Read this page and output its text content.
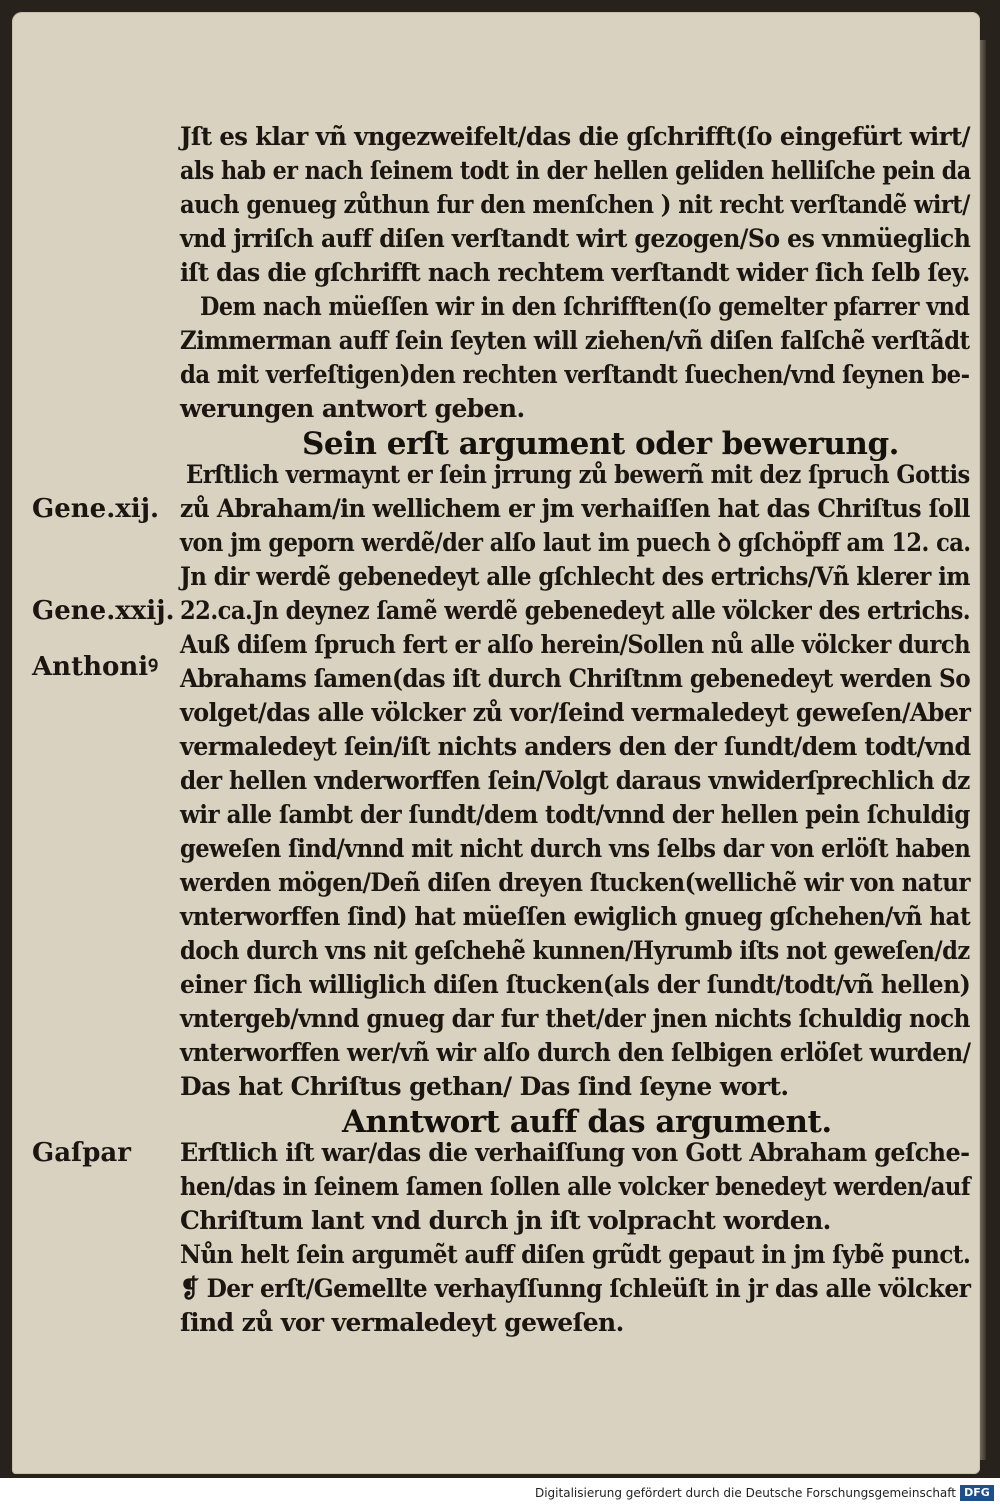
Jſt es klar vñ vngezweifelt/das die gſchrifft(ſo eingefürt wirt/
als hab er nach ſeinem todt in der hellen geliden helliſche pein da
auch genueg zůthun fur den menſchen ) nit recht verſtandẽ wirt/
vnd jrriſch auff diſen verſtandt wirt gezogen/So es vnmüeglich
iſt das die gſchrifft nach rechtem verſtandt wider ſich ſelb ſey.
Dem nach müeſſen wir in den ſchrifften(ſo gemelter pfarrer vnd
Zimmerman auff ſein ſeyten will ziehen/vñ diſen falſchẽ verſtãdt
da mit verfeſtigen)den rechten verſtandt ſuechen/vnd ſeynen be‐
werungen antwort geben.
Sein erſt argument oder bewerung.
Erſtlich vermaynt er ſein jrrung zů bewerñ mit dez ſpruch Gottis
zů Abraham/in wellichem er jm verhaiſſen hat das Chriſtus ſoll
von jm geporn werdẽ/der alſo laut im puech ꝺ gſchöpff am 12. ca.
Jn dir werdẽ gebenedeyt alle gſchlecht des ertrichs/Vñ klerer im
22.ca.Jn deynez ſamẽ werdẽ gebenedeyt alle völcker des ertrichs.
Auß diſem ſpruch fert er alſo herein/Sollen nů alle völcker durch
Abrahams ſamen(das iſt durch Chriſtnm gebenedeyt werden So
volget/das alle völcker zů vor/ſeind vermaledeyt geweſen/Aber
vermaledeyt ſein/iſt nichts anders den der ſundt/dem todt/vnd
der hellen vnderworffen ſein/Volgt daraus vnwiderſprechlich dz
wir alle ſambt der ſundt/dem todt/vnnd der hellen pein ſchuldig
geweſen ſind/vnnd mit nicht durch vns ſelbs dar von erlöſt haben
werden mögen/Deñ diſen dreyen ſtucken(wellichẽ wir von natur
vnterworffen ſind) hat müeſſen ewiglich gnueg gſchehen/vñ hat
doch durch vns nit geſchehẽ kunnen/Hyrumb iſts not geweſen/dz
einer ſich williglich diſen ſtucken(als der ſundt/todt/vñ hellen)
vntergeb/vnnd gnueg dar fur thet/der jnen nichts ſchuldig noch
vnterworffen wer/vñ wir alſo durch den ſelbigen erlöſet wurden/
Das hat Chriſtus gethan/ Das ſind ſeyne wort.
Anntwort auff das argument.
Erſtlich iſt war/das die verhaiſſung von Gott Abraham geſche‐
hen/das in ſeinem ſamen ſollen alle volcker benedeyt werden/auf
Chriſtum lant vnd durch jn iſt volpracht worden.
Nůn helt ſein argumẽt auff diſen grũdt gepaut in jm ſybẽ punct.
❡ Der erſt/Gemellte verhayſſunng ſchleüſt in jr das alle völcker
ſind zů vor vermaledeyt geweſen.
Gene.xij.
Gene.xxij.
Anthoniꝰ
Gaſpar
Digitalisierung gefördert durch die Deutsche Forschungsgemeinschaft DFG
